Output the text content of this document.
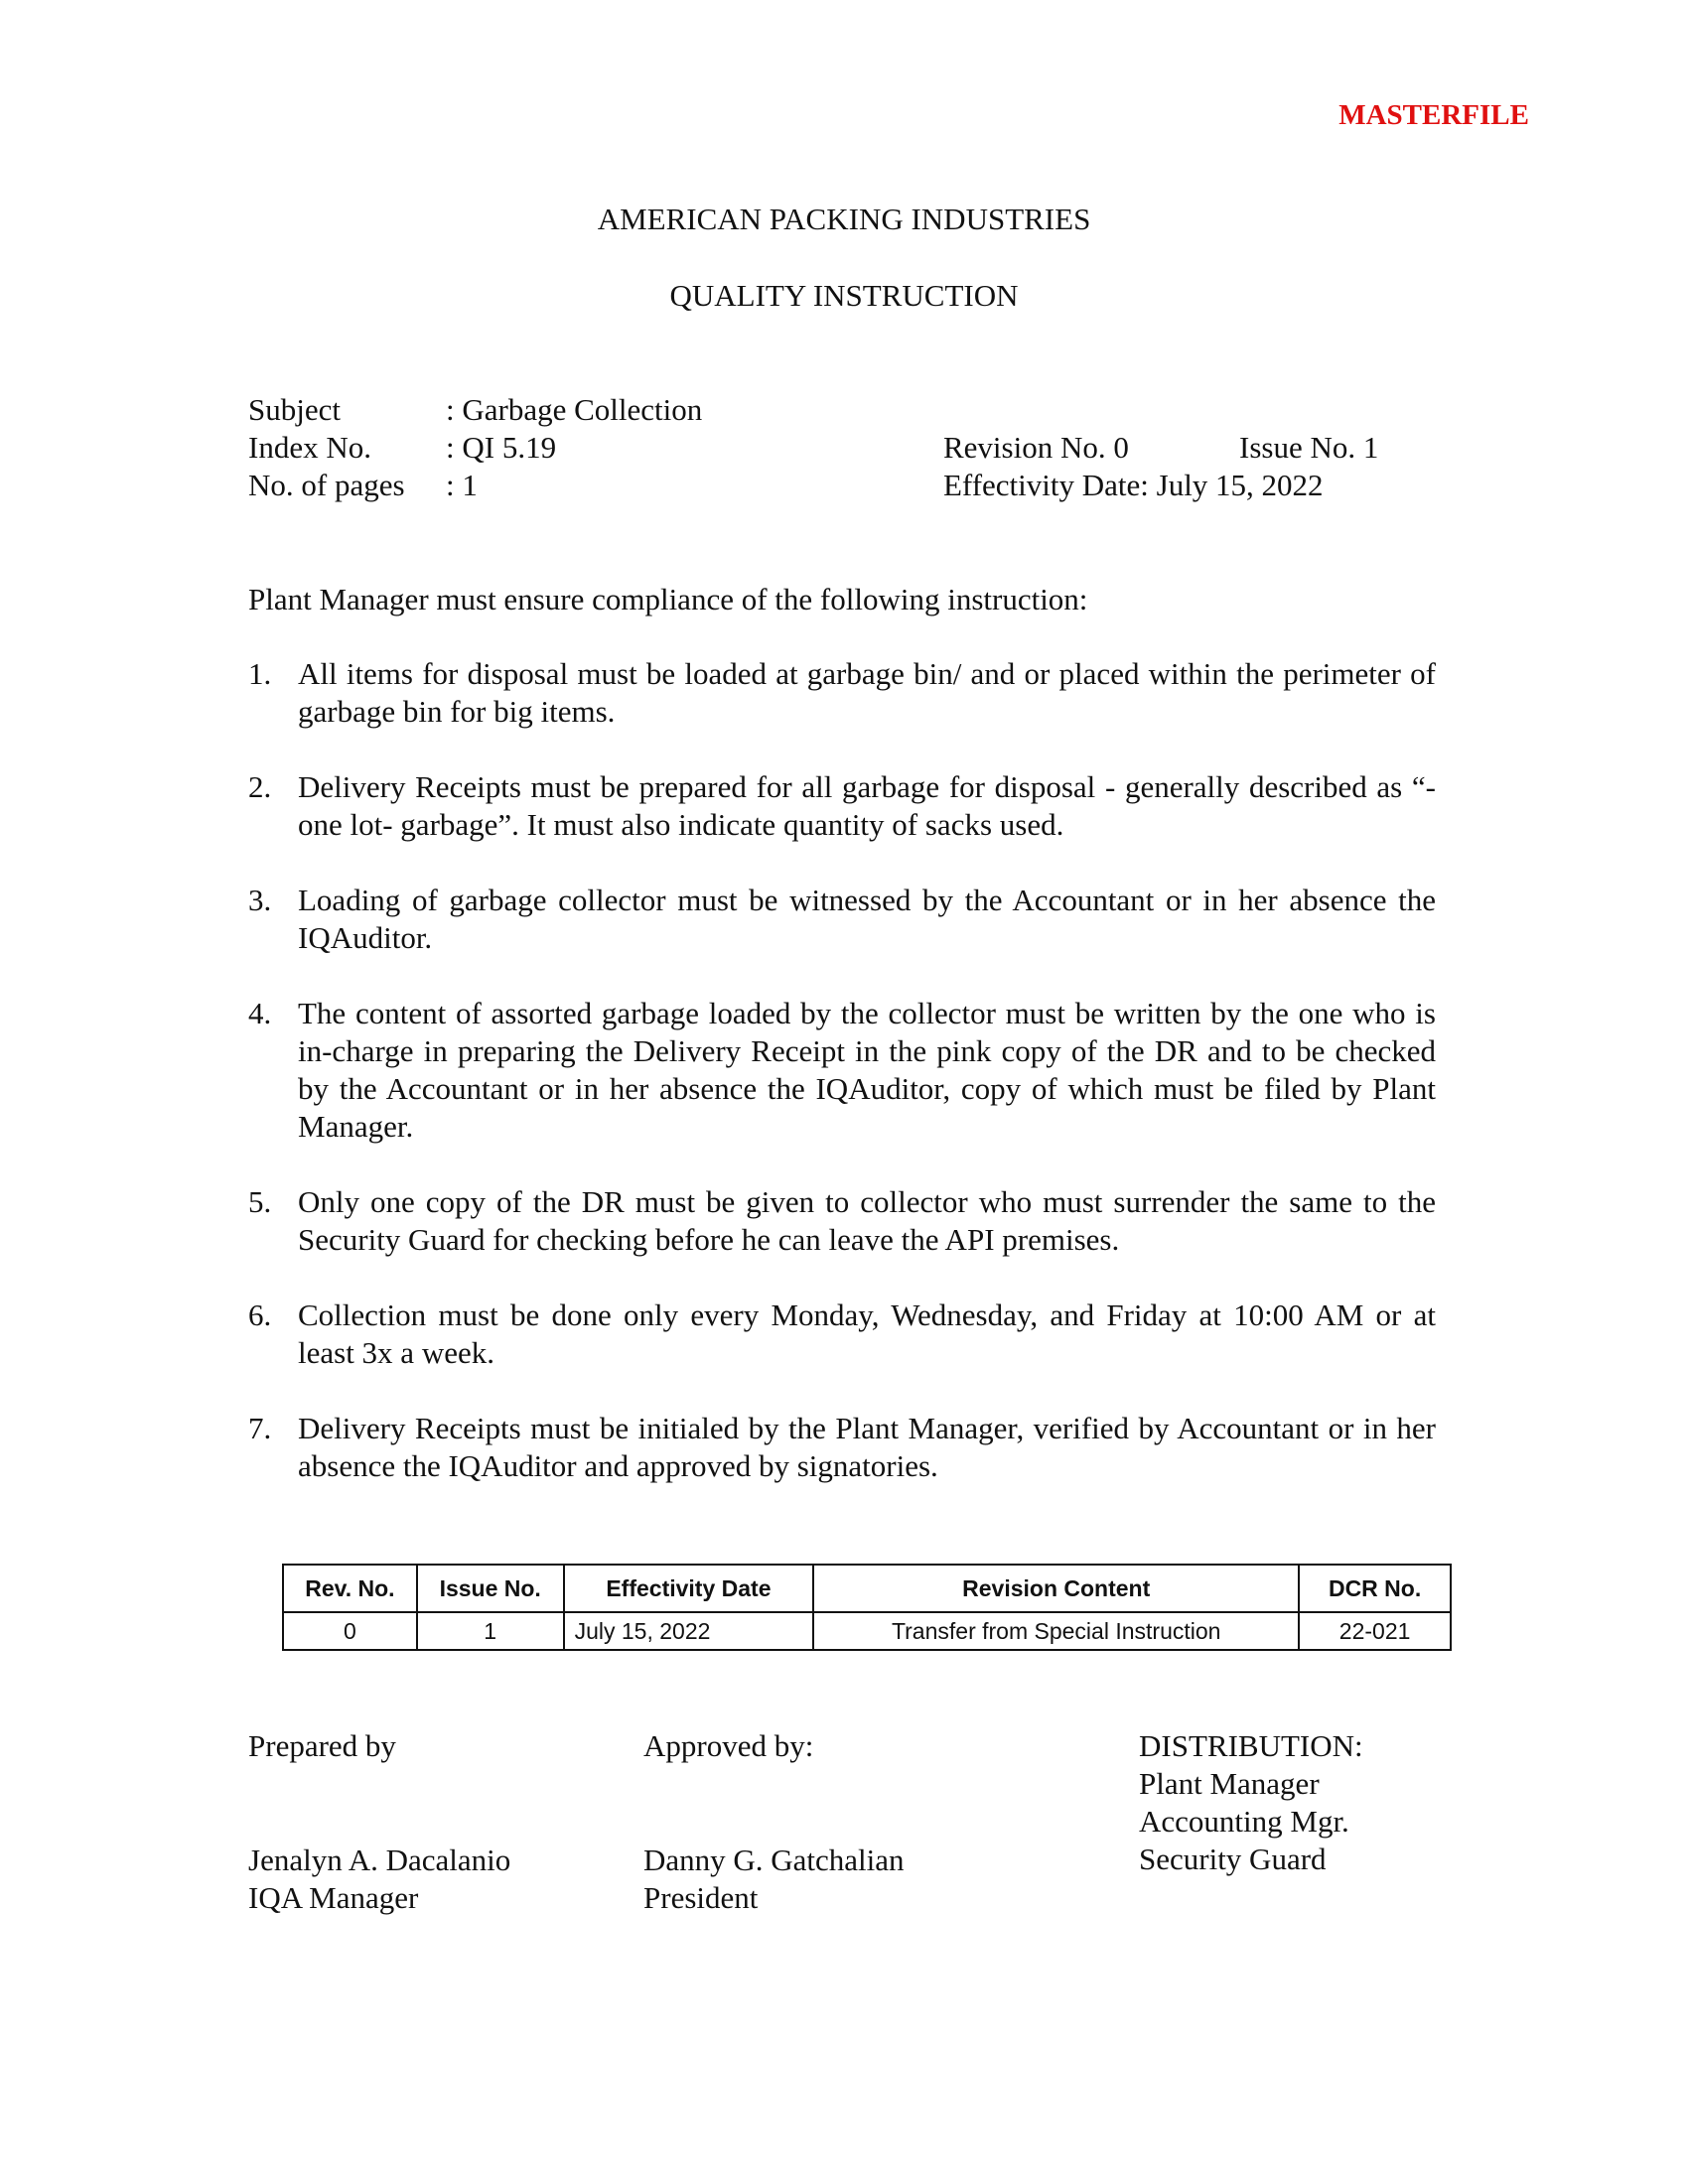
MASTERFILE
AMERICAN PACKING INDUSTRIES
QUALITY INSTRUCTION
Subject	: Garbage Collection
Index No. : QI 5.19
No. of pages : 1
Revision No. 0	Issue No. 1
Effectivity Date: July 15, 2022
Plant Manager must ensure compliance of the following instruction:
1. All items for disposal must be loaded at garbage bin/ and or placed within the perimeter of garbage bin for big items.
2. Delivery Receipts must be prepared for all garbage for disposal - generally described as “- one lot- garbage”. It must also indicate quantity of sacks used.
3. Loading of garbage collector must be witnessed by the Accountant or in her absence the IQAuditor.
4. The content of assorted garbage loaded by the collector must be written by the one who is in-charge in preparing the Delivery Receipt in the pink copy of the DR and to be checked by the Accountant or in her absence the IQAuditor, copy of which must be filed by Plant Manager.
5. Only one copy of the DR must be given to collector who must surrender the same to the Security Guard for checking before he can leave the API premises.
6. Collection must be done only every Monday, Wednesday, and Friday at 10:00 AM or at least 3x a week.
7. Delivery Receipts must be initialed by the Plant Manager, verified by Accountant or in her absence the IQAuditor and approved by signatories.
Rev. No.	Issue No.	Effectivity Date	Revision Content	DCR No.
0	1	July 15, 2022	Transfer from Special Instruction	22-021
Prepared by	Approved by:	DISTRIBUTION:
Plant Manager
Accounting Mgr.
Security Guard
Jenalyn A. Dacalanio
IQA Manager
Danny G. Gatchalian
President
